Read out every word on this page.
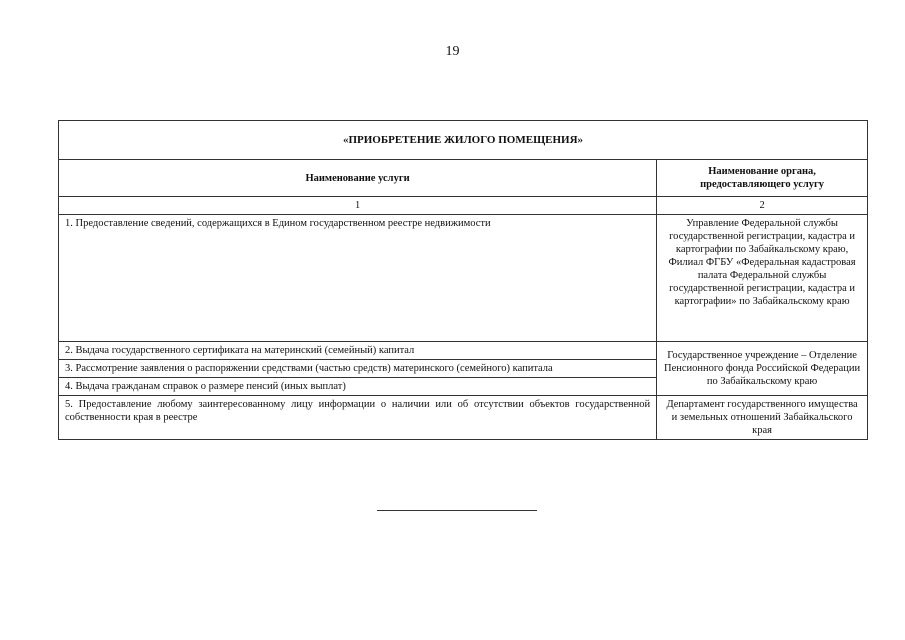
19
«ПРИОБРЕТЕНИЕ ЖИЛОГО ПОМЕЩЕНИЯ»	
Наименование услуги	Наименование органа,
предоставляющего услугу

1	2
1. Предоставление сведений, содержащихся в Едином государственном реестре недвижимости	Управление Федеральной службы государственной регистрации, кадастра и картографии по Забайкальскому краю, Филиал ФГБУ «Федеральная кадастровая палата Федеральной службы государственной регистрации, кадастра и картографии» по Забайкальскому краю
2. Выдача государственного сертификата на материнский (семейный) капитал	Государственное учреждение – Отделение Пенсионного фонда Российской Федерации по Забайкальскому краю
3. Рассмотрение заявления о распоряжении средствами (частью средств) материнского (семейного) капитала	
4. Выдача гражданам справок о размере пенсий (иных выплат)	
5. Предоставление любому заинтересованному лицу информации о наличии или об отсутствии объектов государственной собственности края в реестре	Департамент государственного имущества и земельных отношений Забайкальского края
